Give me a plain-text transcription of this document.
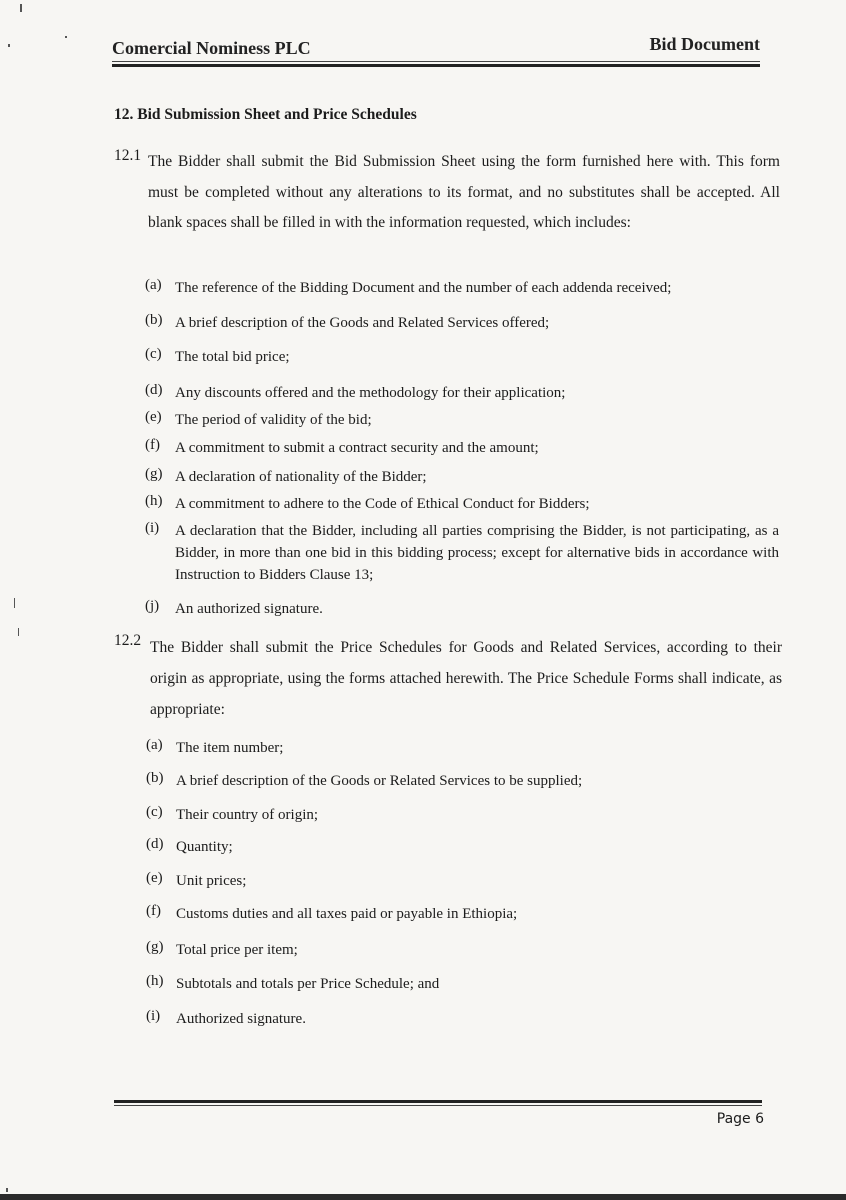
Comercial Nominess PLC	Bid Document
12. Bid Submission Sheet and Price Schedules
12.1 The Bidder shall submit the Bid Submission Sheet using the form furnished here with. This form must be completed without any alterations to its format, and no substitutes shall be accepted. All blank spaces shall be filled in with the information requested, which includes:
(a) The reference of the Bidding Document and the number of each addenda received;
(b) A brief description of the Goods and Related Services offered;
(c) The total bid price;
(d) Any discounts offered and the methodology for their application;
(e) The period of validity of the bid;
(f) A commitment to submit a contract security and the amount;
(g) A declaration of nationality of the Bidder;
(h) A commitment to adhere to the Code of Ethical Conduct for Bidders;
(i) A declaration that the Bidder, including all parties comprising the Bidder, is not participating, as a Bidder, in more than one bid in this bidding process; except for alternative bids in accordance with Instruction to Bidders Clause 13;
(j) An authorized signature.
12.2 The Bidder shall submit the Price Schedules for Goods and Related Services, according to their origin as appropriate, using the forms attached herewith. The Price Schedule Forms shall indicate, as appropriate:
(a) The item number;
(b) A brief description of the Goods or Related Services to be supplied;
(c) Their country of origin;
(d) Quantity;
(e) Unit prices;
(f) Customs duties and all taxes paid or payable in Ethiopia;
(g) Total price per item;
(h) Subtotals and totals per Price Schedule; and
(i) Authorized signature.
Page 6
